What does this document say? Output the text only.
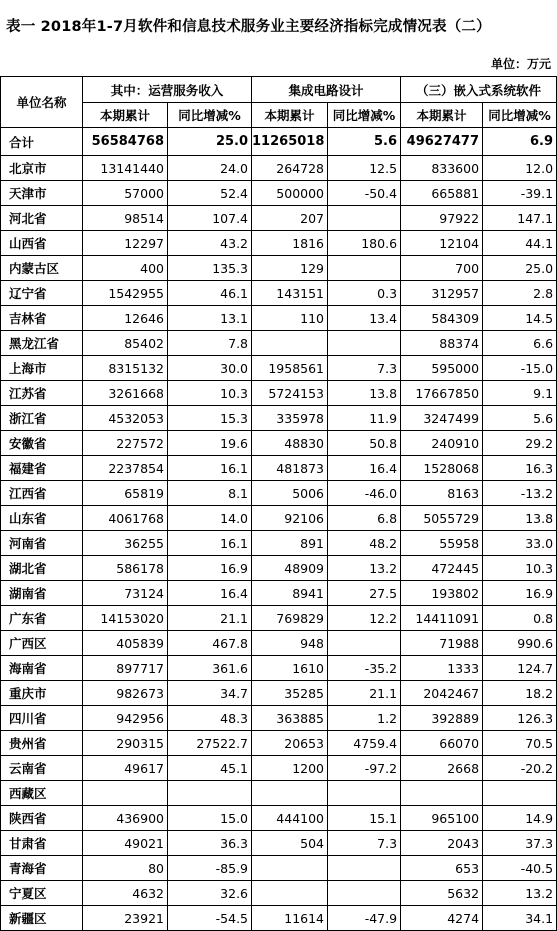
表一 2018年1-7月软件和信息技术服务业主要经济指标完成情况表（二）
单位：万元
单位名称	其中：运营服务收入		集成电路设计		（三）嵌入式系统软件	
	本期累计	同比增减%	本期累计	同比增减%	本期累计	同比增减%
合计	56584768	25.0	11265018	5.6	49627477	6.9
北京市	13141440	24.0	264728	12.5	833600	12.0
天津市	57000	52.4	500000	-50.4	665881	-39.1
河北省	98514	107.4	207		97922	147.1
山西省	12297	43.2	1816	180.6	12104	44.1
内蒙古区	400	135.3	129		700	25.0
辽宁省	1542955	46.1	143151	0.3	312957	2.8
吉林省	12646	13.1	110	13.4	584309	14.5
黑龙江省	85402	7.8			88374	6.6
上海市	8315132	30.0	1958561	7.3	595000	-15.0
江苏省	3261668	10.3	5724153	13.8	17667850	9.1
浙江省	4532053	15.3	335978	11.9	3247499	5.6
安徽省	227572	19.6	48830	50.8	240910	29.2
福建省	2237854	16.1	481873	16.4	1528068	16.3
江西省	65819	8.1	5006	-46.0	8163	-13.2
山东省	4061768	14.0	92106	6.8	5055729	13.8
河南省	36255	16.1	891	48.2	55958	33.0
湖北省	586178	16.9	48909	13.2	472445	10.3
湖南省	73124	16.4	8941	27.5	193802	16.9
广东省	14153020	21.1	769829	12.2	14411091	0.8
广西区	405839	467.8	948		71988	990.6
海南省	897717	361.6	1610	-35.2	1333	124.7
重庆市	982673	34.7	35285	21.1	2042467	18.2
四川省	942956	48.3	363885	1.2	392889	126.3
贵州省	290315	27522.7	20653	4759.4	66070	70.5
云南省	49617	45.1	1200	-97.2	2668	-20.2
西藏区						
陕西省	436900	15.0	444100	15.1	965100	14.9
甘肃省	49021	36.3	504	7.3	2043	37.3
青海省	80	-85.9			653	-40.5
宁夏区	4632	32.6			5632	13.2
新疆区	23921	-54.5	11614	-47.9	4274	34.1
